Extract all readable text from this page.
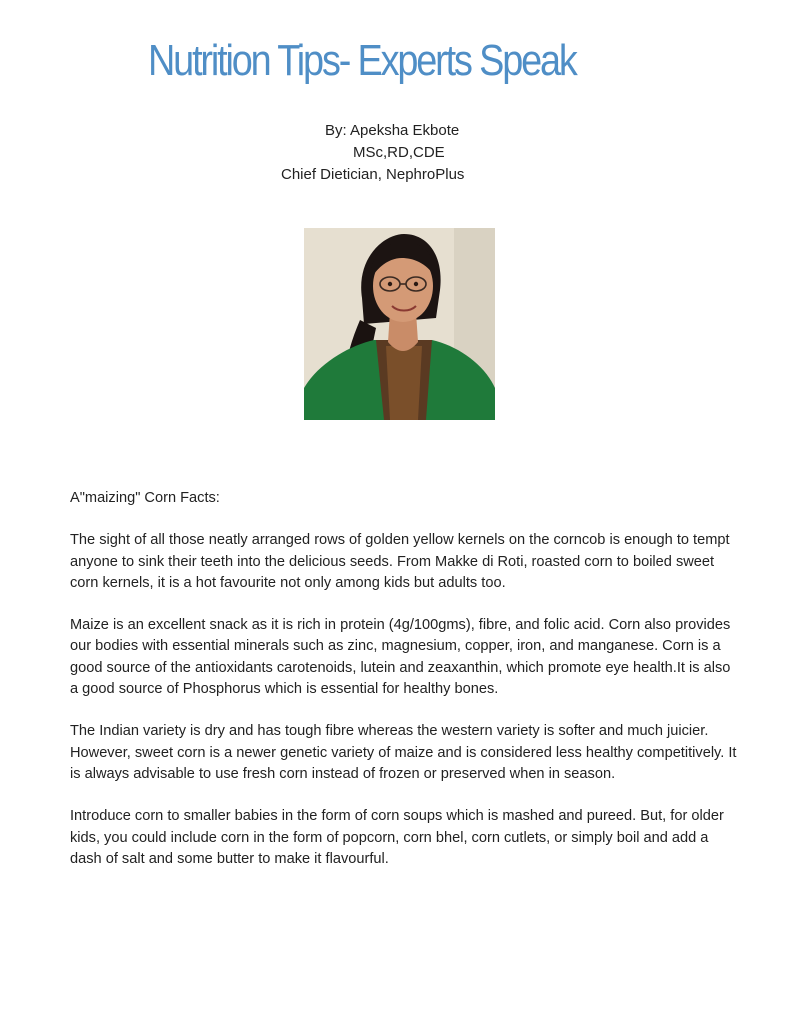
Nutrition Tips- Experts Speak
By: Apeksha Ekbote
MSc,RD,CDE
Chief Dietician, NephroPlus

A"maizing" Corn Facts:

The sight of all those neatly arranged rows of golden yellow kernels on the corncob is enough to tempt anyone to sink their teeth into the delicious seeds. From Makke di Roti, roasted corn to boiled sweet corn kernels, it is a hot favourite not only among kids but adults too.

Maize is an excellent snack as it is rich in protein (4g/100gms), fibre, and folic acid. Corn also provides our bodies with essential minerals such as zinc, magnesium, copper, iron, and manganese. Corn is a good source of the antioxidants carotenoids, lutein and zeaxanthin, which promote eye health.It is also a good source of Phosphorus which is essential for healthy bones.

The Indian variety is dry and has tough fibre whereas the western variety is softer and much juicier. However, sweet corn is a newer genetic variety of maize and is considered less healthy competitively. It is always advisable to use fresh corn instead of frozen or preserved when in season.

Introduce corn to smaller babies in the form of corn soups which is mashed and pureed. But, for older kids, you could include corn in the form of popcorn, corn bhel, corn cutlets, or simply boil and add a dash of salt and some butter to make it flavourful.
